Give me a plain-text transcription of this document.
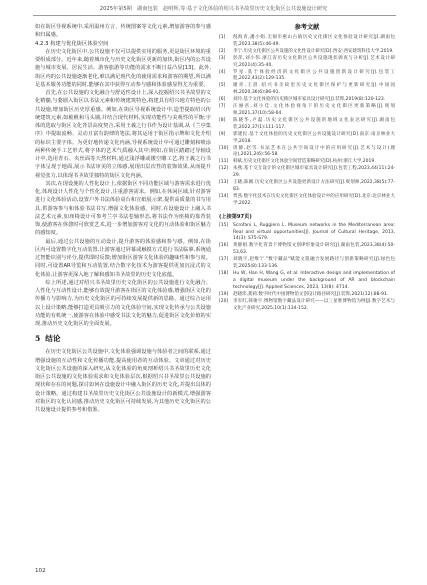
2025年第5期　湖南包装　赵明辉,等:基于文化体验的绍兴书圣故里历史文化街区公共设施设计研究

如在街区导视系统中,采用温州方言、传统图案等文化元素,增加游客的参与感和归属感。

4.2.3 构建与优化街区体验空间

在历史文化街区中,公共设施不仅可以提供实用的服务,更是街区环境的重要组成部分。近年来,随着城市化与历史文化街区更新的加快,街区内的公共设施与城市发展、居民生活、游客旅游等功能的需求不断日益凸显[13]。此外,街区内的公共设施逐渐老化,难以满足现代化的使用需求和游客的期望,所以满足基本服务功能的同时,能够在其中获得互动参与感和体验感显得尤为重要。

首先,在公共设施的文化融合与舒适性设计上,深入挖掘绍兴书圣故里的文化精髓,与婺剧入街区以书法元素和传统建筑特色,构建具有绍兴地方特色的公共设施,增加街区历史厚重感。例如,在街区导视系统设计中,造型提取绍兴传统建筑元素,如桅帆和马头墙,并结合现代材料,实现功能性与美观性的平衡;字体的选取与街区文化背景高度契合,采用王羲之行书作为设计基调,从《兰亭集序》中提取流畅、灵动且富有韵律的笔法,将其运用于街区指示牌和文化介绍的标识主要字体。为更好地传递文化内涵,导视系统设计中可通过雕刻和喷涂两种传统手工艺形式,将字体的艺术气质融入其中;例如,在街区踏踏过导轴设计中,选用青石、夹丝面等天然材料,通过浅浮雕或镂空雕工艺,将王羲之行书字体呈现于地面,展示书法审美的立体感,展现出层次性的装饰效果,从而提升视觉张力,以体现书圣故里独特的街区文化内涵。

其次,在现设施的人性化设计上,依据街区不同功能区域与游客需求进行优化,体现设计人性化与个性化设计,注重游客需求。例如,在休闲区域,针对游客进行文化体验活动,设置户外书法体验桌台和宣纸展示架,提供高质量的书写用具,供游客参与和体验书法书写,增强文化体验感。同时,在设施设计上融入书法艺术元素,如座椅设计可参考兰亭书法卷轴形态,将书法作为座椅的靠背装饰,使游客在休憩时可欣赏艺术,进一步增加游客对文化的互动体验和街区魅力的感知度。

最后,通过公共设施的互动设计,提升游客的体验感和参与感。例如,在街区内可设置数字化互动装置,让游客通过屏幕或触摸方式进行书法临摹,系统通过智能识别与评分,提供即时反馈;增加街区游客文化体验的趣味性和参与度。同时,可设置AR导览和互动装置,结合数字化技术为游客提供更加沉浸式的文化体验,让游客更深入地了解和感知书圣故里的历史文化底蕴。

综上所述,通过对绍兴书圣故里历史文化街区的公共设施进行文化融合、人性化与互动性设计,能够有效提升游客在街区的文化体验感,增强街区文化的传播力与影响力,为历史文化街区的可持续发展提供新的思路。通过综合运用以上设计策略,能够打造更具吸引力的文化体验空间,实现文化传承与公共设施功能的有机统一,使游客在体验中感受书法文化的魅力,促进街区文化价值的实现,推动历史文化街区的全面发展。

5 结论

在历史文化街区公共设施中,文化体验强调设施与体验者之间的联系,通过增强设施的互动性和文化传播功能,提高使用者的互动体验。文章通过对历史文化街区公共设施的深入研究,从文化体验的角度剖析绍兴书圣故里历史文化街区公共设施的文化体验需求和文化体验层次,根据绍兴书圣故里公共设施的现状和存在的问题,探讨如何在设施设计中融入街区的历史文化,并提出具体的设计策略。通过构建书圣故里历史文化街区公共设施设计的新模式,增强游客对街区的文化认同感,推动历史文化街区可持续发展,为其他历史文化街区的公共设施设计提供参考和借鉴。

参考文献
[1]	倪海青,潘小娟.无锡市惠山古镇历史文化街区文化体验设计研究[J].湖南包装,2023,38(5):46-49.
[2]	李宁.历史文化街区公共设施的文化性设计研究[D].西安:西安建筑科技大学,2019.
[3]	彭萍,刘小伟.浙江省历史文化街区公共设施现状调查与分析[J].艺术设计研究,2021(4):35-40.
[4]	罗星.基于体验经济的文化街区公共设施创新设计研究[J].包装工程,2022,43(2):129-135.
[5]	谢青,王晨.绍兴书圣故里历史文化街区保护与更新研究[J].中国园林,2020,36(6):86-91.
[6]	刘玲.基于文化体验的历史街区城市家具设计研究[J].装饰,2019(8):120-123.
[7]	汪丽君,刘小佳.文化体验视角下的历史文化街区更新策略[J].规划师,2021,37(10):58-64.
[8]	陈晓华,卢磊.历史文化街区公共设施的地域文化表达研究[J].湖南包装,2022,37(1):111-117.
[9]	郭建民.基于文化体验的历史文化街区公共设施设计研究[D].南京:南京林业大学,2018.
[10]	周静,赵雪.书法艺术在公共空间设计中的应用研究[J].艺术与设计(理论),2021,2(6):56-58.
[11]	韩斌.历史文化街区文化体验空间营造策略研究[D].杭州:浙江大学,2019.
[12]	朱燕.基于交互设计的文化街区城市家具设计研究[J].包装工程,2023,44(11):24-29.
[13]	王晓,陈刚.历史文化街区公共设施更新设计方法研究[J].规划师,2022,38(5):77-83.
[14]	贾茜.数字化技术在历史文化街区文化体验设计中的应用研究[D].北京:北京林业大学,2022.
(上接第97页)
[15]	Scrofani L, Ruggiero L. Museum networks in the Mediterranean area: Real and virtual opportunities[J]. Journal of Cultural Heritage, 2013, 14(3): S75-S79.
[16]	黄静娟.数字化背景下博物馆文创IP形象设计研究[J].湖南包装,2023,38(4):50-53,63.
[17]	刘晓宇,赵维宁."数字藏品"赋能文旅融合发展路径与创新策略研究[J].绿色包装,2025(8):133-136.
[18]	Hu W, Han H, Wang G, et al. Interactive design and implementation of a digital museum under the background of AR and blockchain technology[J]. Applied Sciences, 2023, 13(8): 4714.
[19]	赵晓玮,龚莉.数字时代中国博物馆文创设计路径研究[J].装饰,2021(12):88-91.
[20]	李军红,韩俊宇.博物馆数字藏品设计研究——以三星堆博物馆为例[J].数字艺术与文化产业研究,2025,10(1):134-152.
102
